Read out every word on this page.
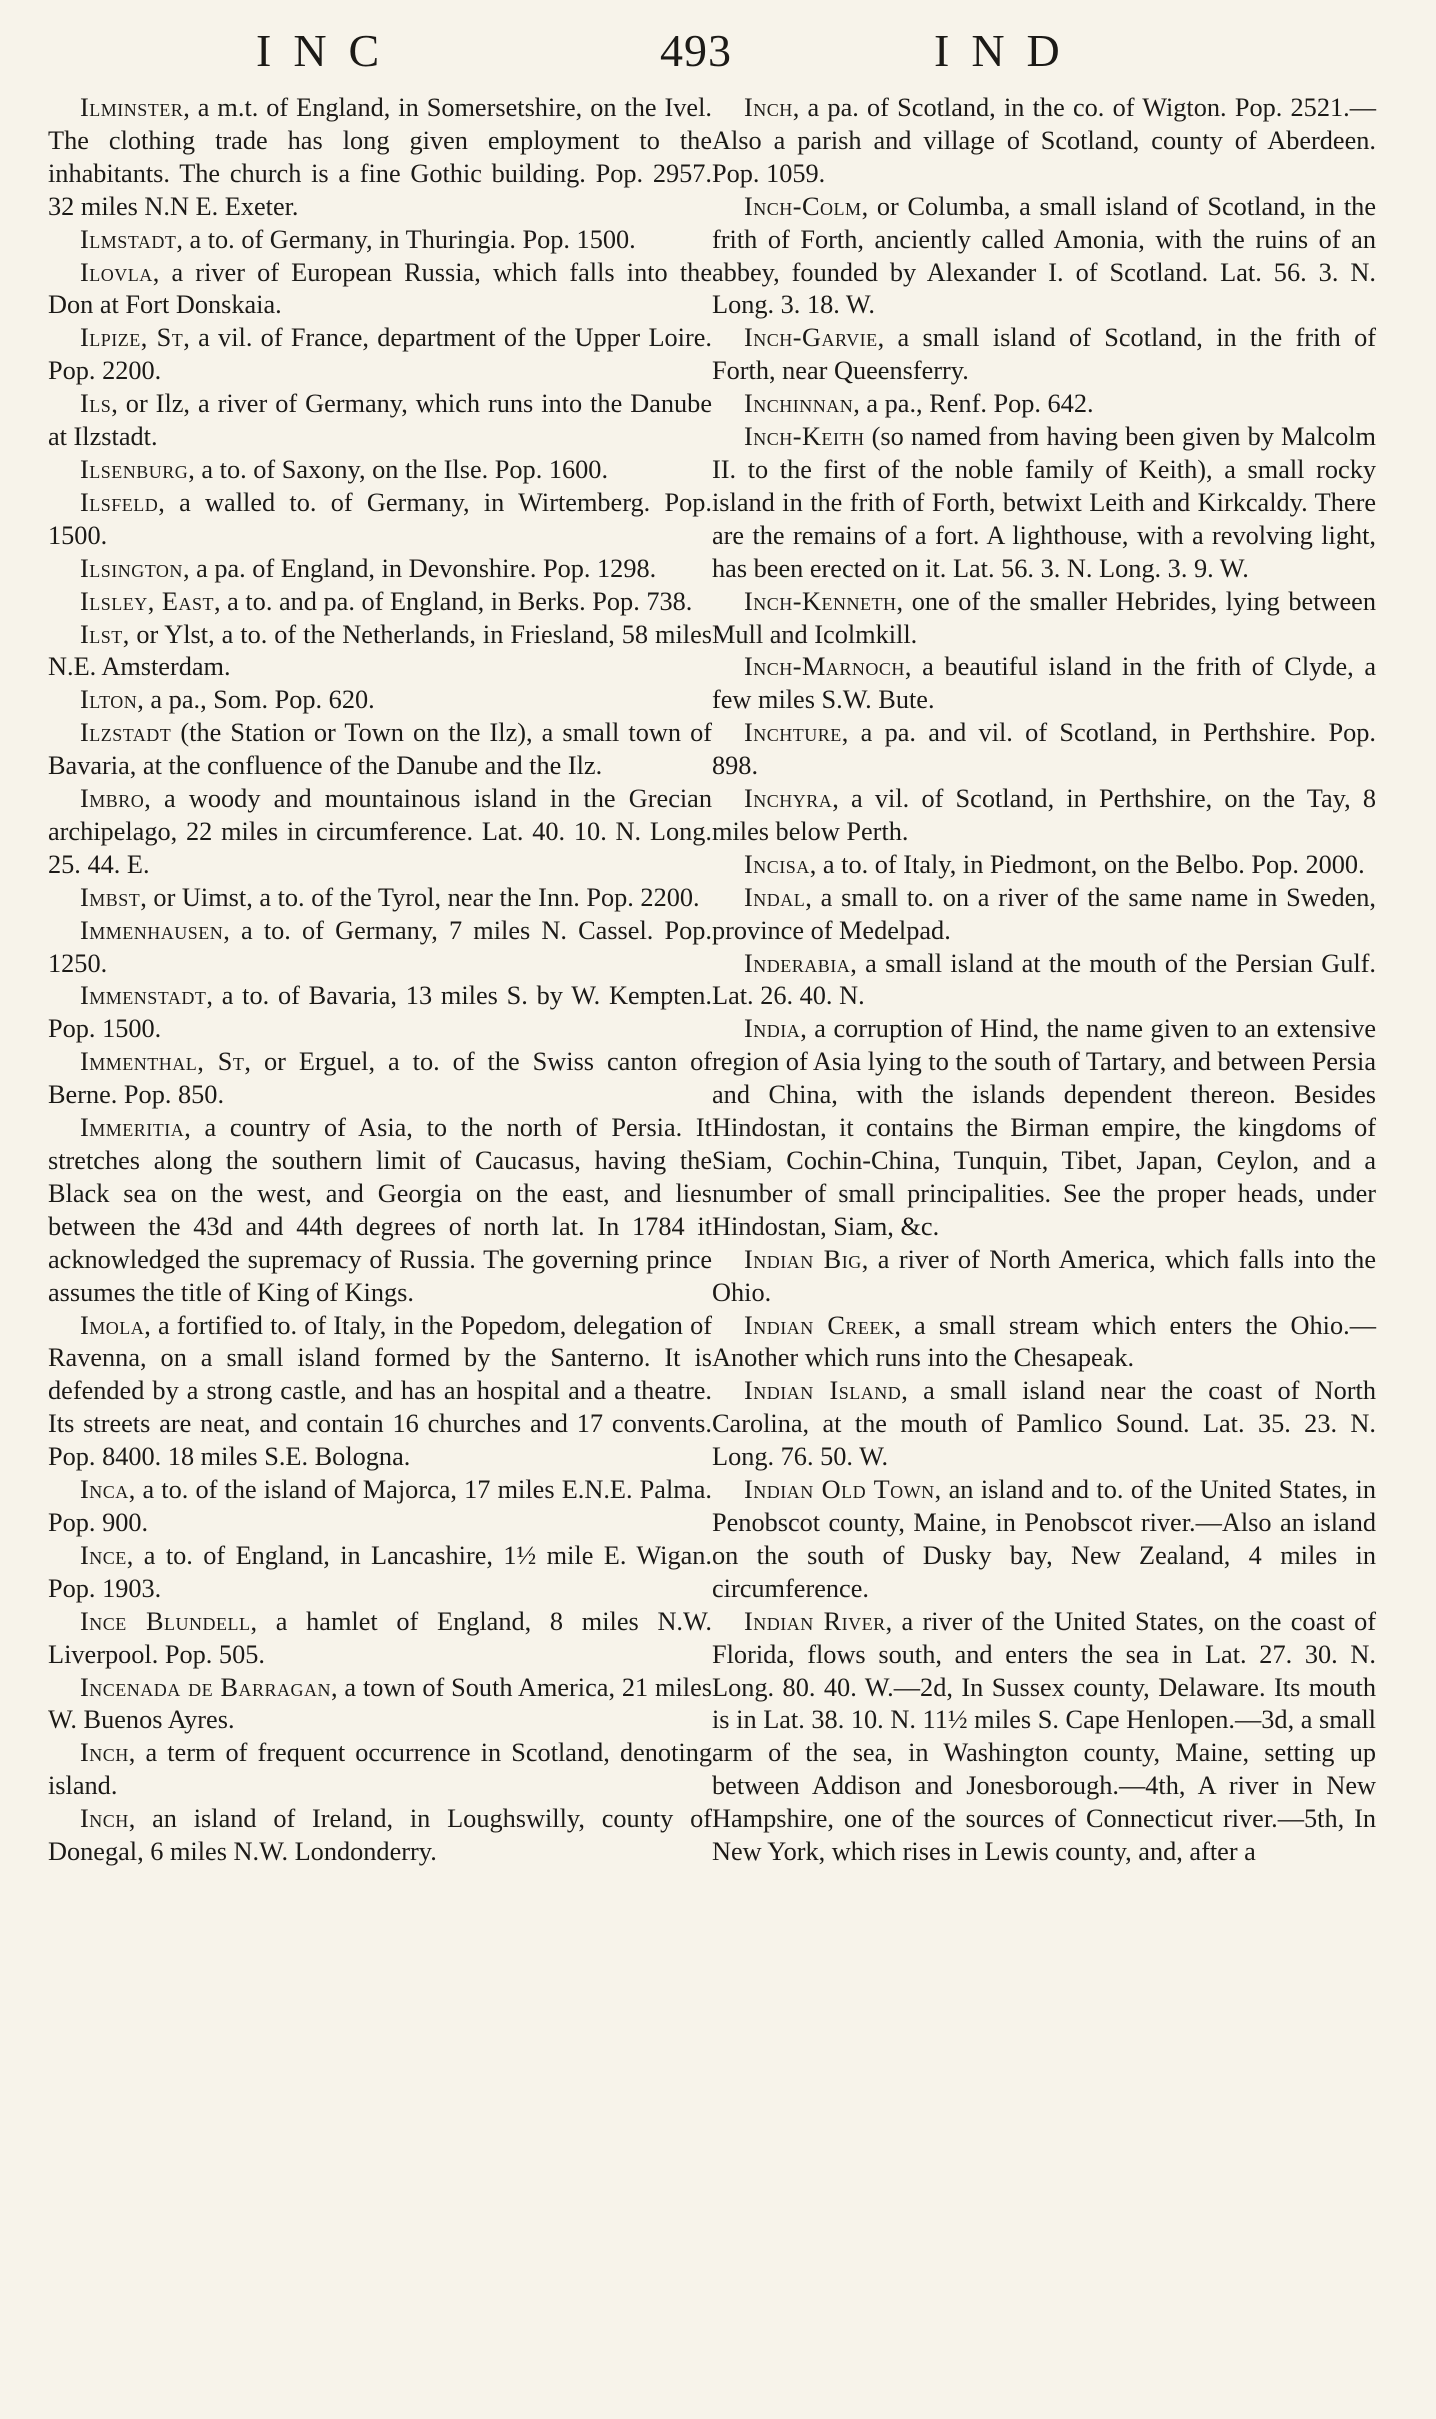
INC	493	IND

Ilminster, a m.t. of England, in Somersetshire, on the Ivel. The clothing trade has long given employment to the inhabitants. The church is a fine Gothic building. Pop. 2957. 32 miles N.N E. Exeter.

Ilmstadt, a to. of Germany, in Thuringia. Pop. 1500.

Ilovla, a river of European Russia, which falls into the Don at Fort Donskaia.

Ilpize, St, a vil. of France, department of the Upper Loire. Pop. 2200.

Ils, or Ilz, a river of Germany, which runs into the Danube at Ilzstadt.

Ilsenburg, a to. of Saxony, on the Ilse. Pop. 1600.

Ilsfeld, a walled to. of Germany, in Wirtemberg. Pop. 1500.

Ilsington, a pa. of England, in Devonshire. Pop. 1298.

Ilsley, East, a to. and pa. of England, in Berks. Pop. 738.

Ilst, or Ylst, a to. of the Netherlands, in Friesland, 58 miles N.E. Amsterdam.

Ilton, a pa., Som. Pop. 620.

Ilzstadt (the Station or Town on the Ilz), a small town of Bavaria, at the confluence of the Danube and the Ilz.

Imbro, a woody and mountainous island in the Grecian archipelago, 22 miles in circumference. Lat. 40. 10. N. Long. 25. 44. E.

Imbst, or Uimst, a to. of the Tyrol, near the Inn. Pop. 2200.

Immenhausen, a to. of Germany, 7 miles N. Cassel. Pop. 1250.

Immenstadt, a to. of Bavaria, 13 miles S. by W. Kempten. Pop. 1500.

Immenthal, St, or Erguel, a to. of the Swiss canton of Berne. Pop. 850.

Immeritia, a country of Asia, to the north of Persia. It stretches along the southern limit of Caucasus, having the Black sea on the west, and Georgia on the east, and lies between the 43d and 44th degrees of north lat. In 1784 it acknowledged the supremacy of Russia. The governing prince assumes the title of King of Kings.

Imola, a fortified to. of Italy, in the Popedom, delegation of Ravenna, on a small island formed by the Santerno. It is defended by a strong castle, and has an hospital and a theatre. Its streets are neat, and contain 16 churches and 17 convents. Pop. 8400. 18 miles S.E. Bologna.

Inca, a to. of the island of Majorca, 17 miles E.N.E. Palma. Pop. 900.

Ince, a to. of England, in Lancashire, 1½ mile E. Wigan. Pop. 1903.

Ince Blundell, a hamlet of England, 8 miles N.W. Liverpool. Pop. 505.

Incenada de Barragan, a town of South America, 21 miles W. Buenos Ayres.

Inch, a term of frequent occurrence in Scotland, denoting island.

Inch, an island of Ireland, in Loughswilly, county of Donegal, 6 miles N.W. Londonderry.

Inch, a pa. of Scotland, in the co. of Wigton. Pop. 2521.—Also a parish and village of Scotland, county of Aberdeen. Pop. 1059.

Inch-Colm, or Columba, a small island of Scotland, in the frith of Forth, anciently called Amonia, with the ruins of an abbey, founded by Alexander I. of Scotland. Lat. 56. 3. N. Long. 3. 18. W.

Inch-Garvie, a small island of Scotland, in the frith of Forth, near Queensferry.

Inchinnan, a pa., Renf. Pop. 642.

Inch-Keith (so named from having been given by Malcolm II. to the first of the noble family of Keith), a small rocky island in the frith of Forth, betwixt Leith and Kirkcaldy. There are the remains of a fort. A lighthouse, with a revolving light, has been erected on it. Lat. 56. 3. N. Long. 3. 9. W.

Inch-Kenneth, one of the smaller Hebrides, lying between Mull and Icolmkill.

Inch-Marnoch, a beautiful island in the frith of Clyde, a few miles S.W. Bute.

Inchture, a pa. and vil. of Scotland, in Perthshire. Pop. 898.

Inchyra, a vil. of Scotland, in Perthshire, on the Tay, 8 miles below Perth.

Incisa, a to. of Italy, in Piedmont, on the Belbo. Pop. 2000.

Indal, a small to. on a river of the same name in Sweden, province of Medelpad.

Inderabia, a small island at the mouth of the Persian Gulf. Lat. 26. 40. N.

India, a corruption of Hind, the name given to an extensive region of Asia lying to the south of Tartary, and between Persia and China, with the islands dependent thereon. Besides Hindostan, it contains the Birman empire, the kingdoms of Siam, Cochin-China, Tunquin, Tibet, Japan, Ceylon, and a number of small principalities. See the proper heads, under Hindostan, Siam, &c.

Indian Big, a river of North America, which falls into the Ohio.

Indian Creek, a small stream which enters the Ohio.—Another which runs into the Chesapeak.

Indian Island, a small island near the coast of North Carolina, at the mouth of Pamlico Sound. Lat. 35. 23. N. Long. 76. 50. W.

Indian Old Town, an island and to. of the United States, in Penobscot county, Maine, in Penobscot river.—Also an island on the south of Dusky bay, New Zealand, 4 miles in circumference.

Indian River, a river of the United States, on the coast of Florida, flows south, and enters the sea in Lat. 27. 30. N. Long. 80. 40. W.—2d, In Sussex county, Delaware. Its mouth is in Lat. 38. 10. N. 11½ miles S. Cape Henlopen.—3d, a small arm of the sea, in Washington county, Maine, setting up between Addison and Jonesborough.—4th, A river in New Hampshire, one of the sources of Connecticut river.—5th, In New York, which rises in Lewis county, and, after a
